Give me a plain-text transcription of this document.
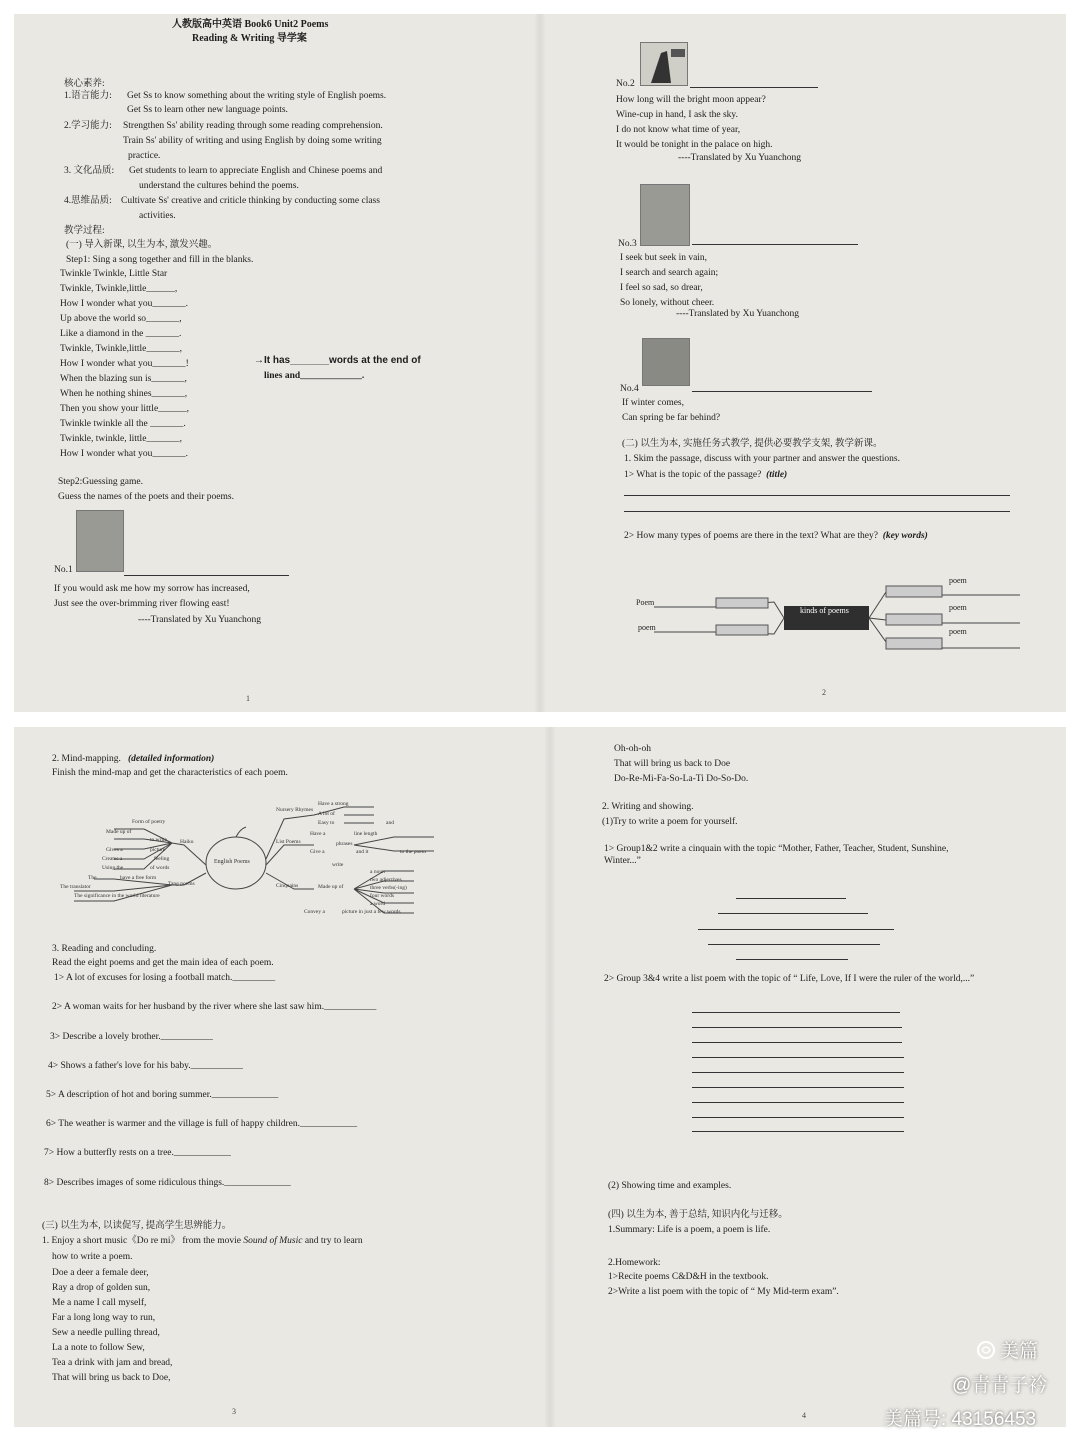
人教版高中英语 Book6 Unit2 Poems
Reading & Writing 导学案
核心素养:
1.语言能力: Get Ss to know something about the writing style of English poems.
Get Ss to learn other new language points.
2.学习能力: Strengthen Ss' ability reading through some reading comprehension.
Train Ss' ability of writing and using English by doing some writing
practice.
3. 文化品质: Get students to learn to appreciate English and Chinese poems and
understand the cultures behind the poems.
4.思维品质: Cultivate Ss' creative and criticle thinking by conducting some class
activities.
教学过程:
(一) 导入新课, 以生为本, 激发兴趣。
Step1: Sing a song together and fill in the blanks.
Twinkle Twinkle, Little Star
Twinkle, Twinkle,little______,
How I wonder what you_______.
Up above the world so_______,
Like a diamond in the _______.
Twinkle, Twinkle,little_______,
How I wonder what you_______!
When the blazing sun is_______,
When he nothing shines_______,
Then you show your little______,
Twinkle twinkle all the _______.
Twinkle, twinkle, little_______,
How I wonder what you_______.
→It has_______words at the end of
lines and_____________.
Step2:Guessing game.
Guess the names of the poets and their poems.
No.1
If you would ask me how my sorrow has increased,
Just see the over-brimming river flowing east!
----Translated by Xu Yuanchong
1
No.2
How long will the bright moon appear?
Wine-cup in hand, I ask the sky.
I do not know what time of year,
It would be tonight in the palace on high.
----Translated by Xu Yuanchong
No.3
I seek but seek in vain,
I search and search again;
I feel so sad, so drear,
So lonely, without cheer.
----Translated by Xu Yuanchong
No.4
If winter comes,
Can spring be far behind?
(二) 以生为本, 实施任务式教学, 提供必要教学支架, 教学新课。
1. Skim the passage, discuss with your partner and answer the questions.
1> What is the topic of the passage? (title)
2> How many types of poems are there in the text? What are they? (key words)
Poem
poem
kinds of poems
poem
poem
poem
2
2. Mind-mapping. (detailed information)
Finish the mind-map and get the characteristics of each poem.
English Poems
Nursery Rhymes
List Poems
Cinquains
Tang poems
Haiku
Have a strong
A lot of
Easy to	and
Have a	line length
phrases
Give a	and it	to the poem
write
a noun
two adjectives
three verbs(-ing)
four words
a word
Convey a	picture in just a few words
Made up of
Form of poetry
Made up of
to write
Gives a	picture
Creates a	feeling
Using the	of words
The	have a free form
The translator
The significance in the world literature
3. Reading and concluding.
Read the eight poems and get the main idea of each poem.
1> A lot of excuses for losing a football match._________
2> A woman waits for her husband by the river where she last saw him.___________
3> Describe a lovely brother.___________
4> Shows a father's love for his baby.___________
5> A description of hot and boring summer.______________
6> The weather is warmer and the village is full of happy children.____________
7> How a butterfly rests on a tree.____________
8> Describes images of some ridiculous things.______________
(三) 以生为本, 以读促写, 提高学生思辨能力。
1. Enjoy a short music《Do re mi》 from the movie Sound of Music and try to learn
how to write a poem.
Doe a deer a female deer,
Ray a drop of golden sun,
Me a name I call myself,
Far a long long way to run,
Sew a needle pulling thread,
La a note to follow Sew,
Tea a drink with jam and bread,
That will bring us back to Doe,
3
Oh-oh-oh
That will bring us back to Doe
Do-Re-Mi-Fa-So-La-Ti Do-So-Do.
2. Writing and showing.
(1)Try to write a poem for yourself.
1> Group1&2 write a cinquain with the topic “Mother, Father, Teacher, Student, Sunshine, Winter...”
2> Group 3&4 write a list poem with the topic of “ Life, Love, If I were the ruler of the world,...”
(2) Showing time and examples.
(四) 以生为本, 善于总结, 知识内化与迁移。
1.Summary: Life is a poem, a poem is life.
2.Homework:
1>Recite poems C&D&H in the textbook.
2>Write a list poem with the topic of “ My Mid-term exam”.
4
美篇
@青青子衿
美篇号: 43156453
